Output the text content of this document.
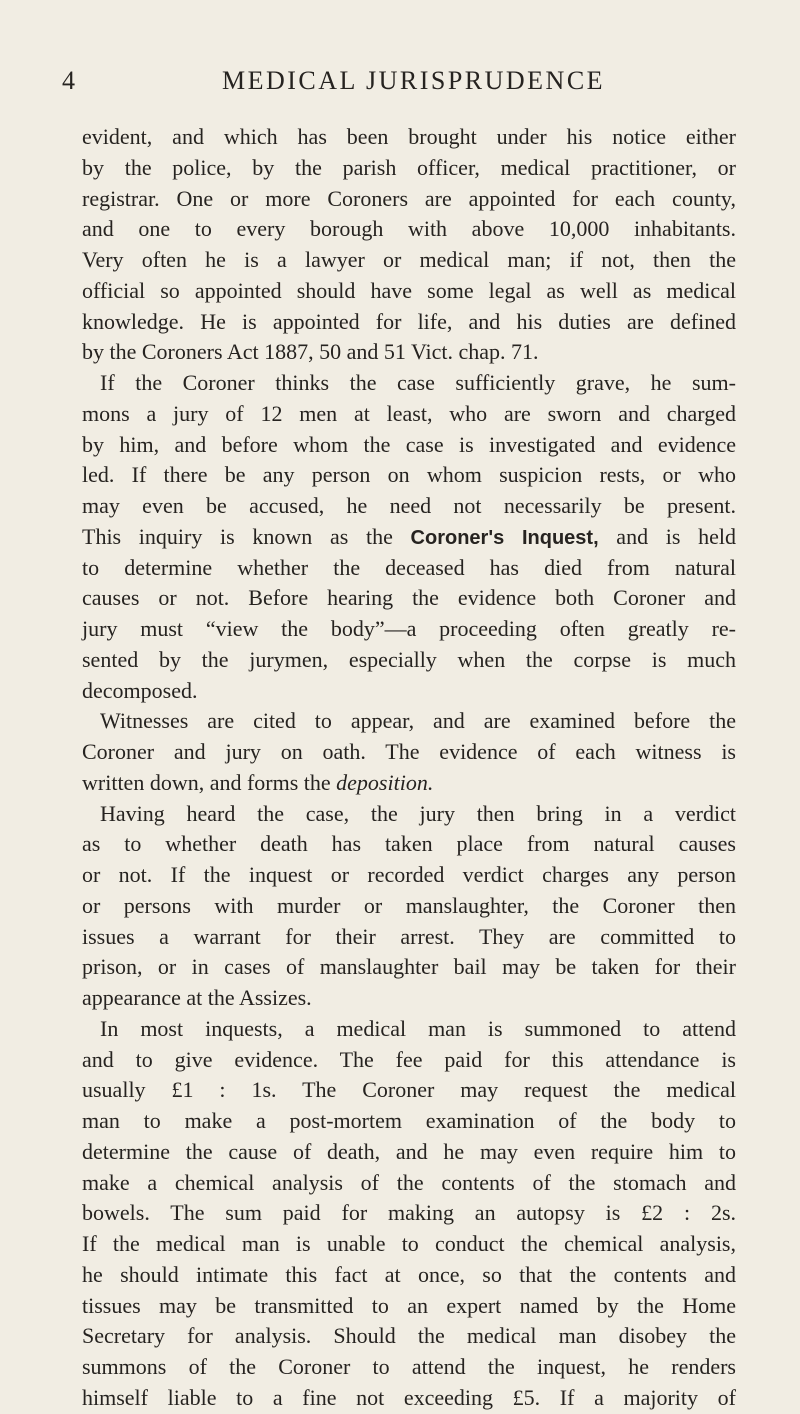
4	MEDICAL JURISPRUDENCE
evident, and which has been brought under his notice either
by the police, by the parish officer, medical practitioner, or
registrar. One or more Coroners are appointed for each county,
and one to every borough with above 10,000 inhabitants.
Very often he is a lawyer or medical man; if not, then the
official so appointed should have some legal as well as medical
knowledge. He is appointed for life, and his duties are defined
by the Coroners Act 1887, 50 and 51 Vict. chap. 71.
If the Coroner thinks the case sufficiently grave, he sum-
mons a jury of 12 men at least, who are sworn and charged
by him, and before whom the case is investigated and evidence
led. If there be any person on whom suspicion rests, or who
may even be accused, he need not necessarily be present.
This inquiry is known as the Coroner's Inquest, and is held
to determine whether the deceased has died from natural
causes or not. Before hearing the evidence both Coroner and
jury must “view the body”—a proceeding often greatly re-
sented by the jurymen, especially when the corpse is much
decomposed.
Witnesses are cited to appear, and are examined before the
Coroner and jury on oath. The evidence of each witness is
written down, and forms the deposition.
Having heard the case, the jury then bring in a verdict
as to whether death has taken place from natural causes
or not. If the inquest or recorded verdict charges any person
or persons with murder or manslaughter, the Coroner then
issues a warrant for their arrest. They are committed to
prison, or in cases of manslaughter bail may be taken for their
appearance at the Assizes.
In most inquests, a medical man is summoned to attend
and to give evidence. The fee paid for this attendance is
usually £1 : 1s. The Coroner may request the medical
man to make a post-mortem examination of the body to
determine the cause of death, and he may even require him to
make a chemical analysis of the contents of the stomach and
bowels. The sum paid for making an autopsy is £2 : 2s.
If the medical man is unable to conduct the chemical analysis,
he should intimate this fact at once, so that the contents and
tissues may be transmitted to an expert named by the Home
Secretary for analysis. Should the medical man disobey the
summons of the Coroner to attend the inquest, he renders
himself liable to a fine not exceeding £5. If a majority of
